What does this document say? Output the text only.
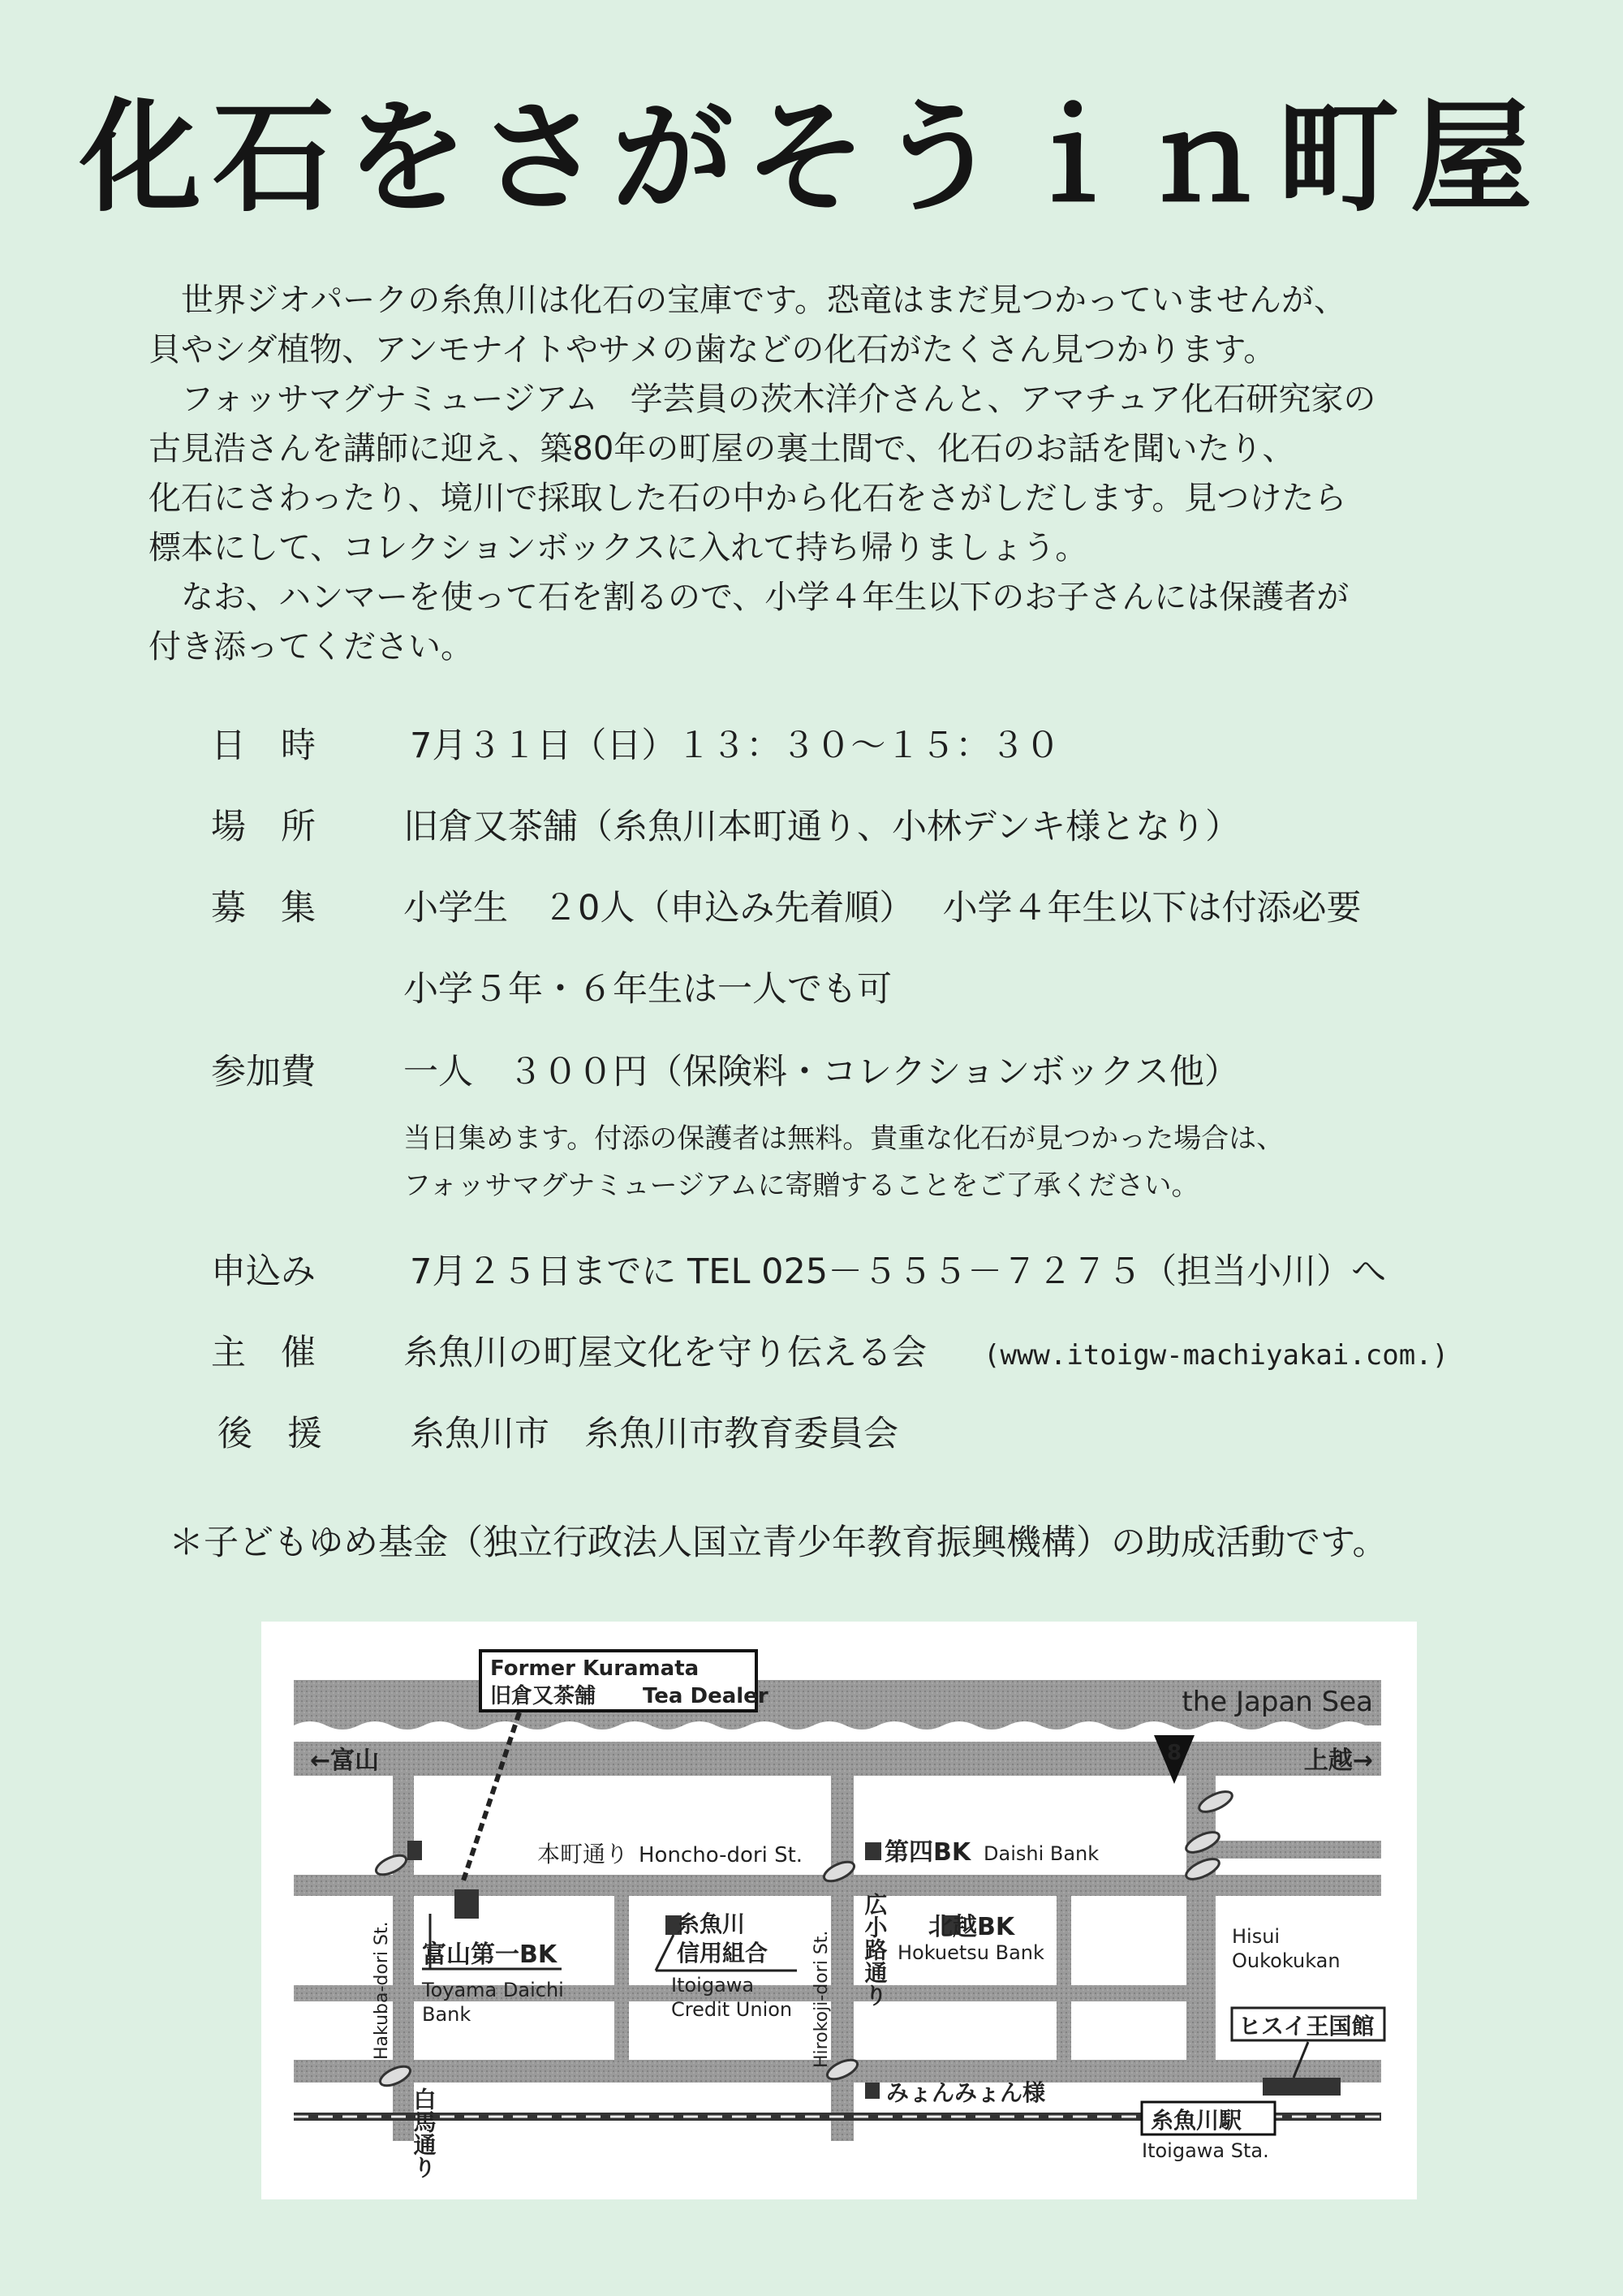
化石をさがそうｉｎ町屋

　世界ジオパークの糸魚川は化石の宝庫です。恐竜はまだ見つかっていませんが、

貝やシダ植物、アンモナイトやサメの歯などの化石がたくさん見つかります。

　フォッサマグナミュージアム　学芸員の茨木洋介さんと、アマチュア化石研究家の

古見浩さんを講師に迎え、築80年の町屋の裏土間で、化石のお話を聞いたり、

化石にさわったり、境川で採取した石の中から化石をさがしだします。見つけたら

標本にして、コレクションボックスに入れて持ち帰りましょう。

　なお、ハンマーを使って石を割るので、小学４年生以下のお子さんには保護者が

付き添ってください。

日　時	7月３１日（日）１３：３０～１５：３０
場　所	旧倉又茶舗（糸魚川本町通り、小林デンキ様となり）
募　集	小学生　２0人（申込み先着順）　 小学４年生以下は付添必要
小学５年・６年生は一人でも可
参加費	一人　３００円（保険料・コレクションボックス他）
当日集めます。付添の保護者は無料。貴重な化石が見つかった場合は、
フォッサマグナミュージアムに寄贈することをご了承ください。
申込み	7月２５日までに TEL 025－５５５－７２７５（担当小川）へ
主　催	糸魚川の町屋文化を守り伝える会 (www.itoigw-machiyakai.com.)
後　援	糸魚川市　糸魚川市教育委員会
＊子どもゆめ基金（独立行政法人国立青少年教育振興機構）の助成活動です。
the Japan Sea
←富山	上越→
8
本町通り Honcho-dori St.
Former Kuramata
旧倉又茶舗 Tea Dealer
富山第一BK
Toyama Daichi
Bank
糸魚川
信用組合
Itoigawa
Credit Union
第四BK Daishi Bank
北越BK
Hokuetsu Bank
Hisui
Oukokukan
ヒスイ王国館
みょんみょん様
Hakuba-dori St.	Hirokoji-dori St.
白馬通り
広小路通り
糸魚川駅
Itoigawa Sta.
